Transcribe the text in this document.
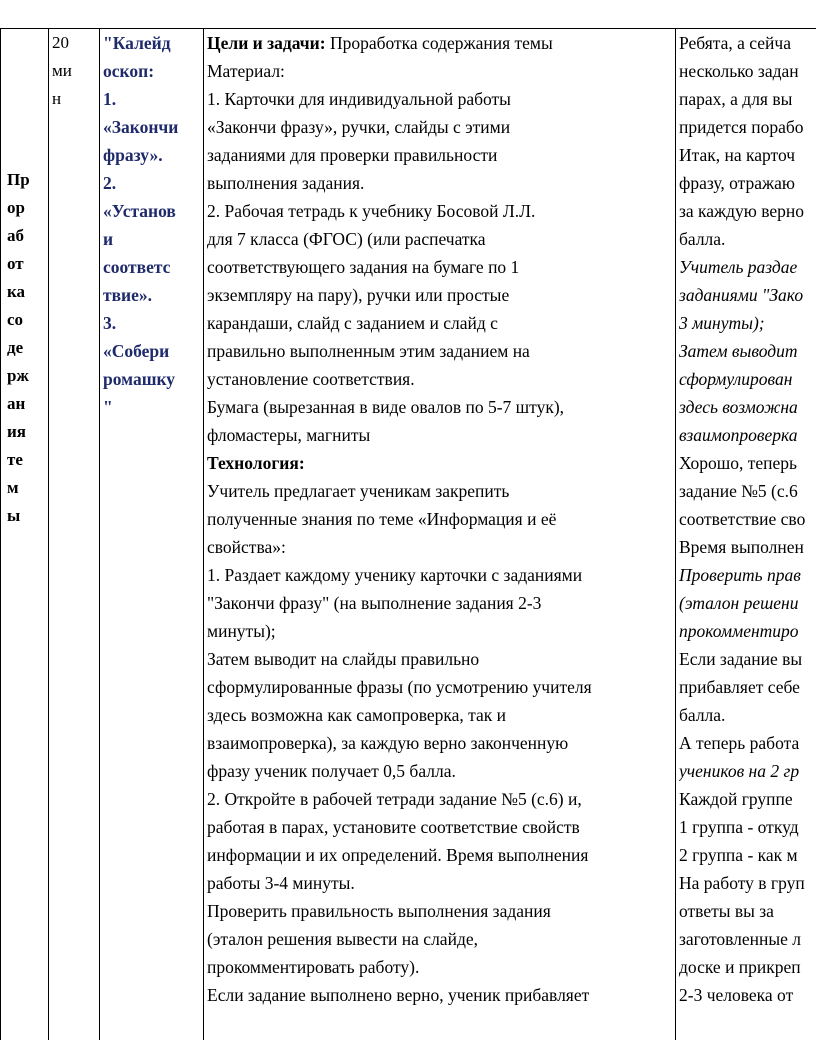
Пр
ор
аб
от
ка
со
де
рж
ан
ия
те
м
ы
20
ми
н
"Калейд
оскоп:
1.
«Закончи
фразу».
2.
«Установ
и
соответс
твие».
3.
«Собери
ромашку
"
Цели и задачи: Проработка содержания темы
Материал:
1. Карточки для индивидуальной работы
«Закончи фразу», ручки, слайды с этими
заданиями для проверки правильности
выполнения задания.
2. Рабочая тетрадь к учебнику Босовой Л.Л.
для 7 класса (ФГОС) (или распечатка
соответствующего задания на бумаге по 1
экземпляру на пару), ручки или простые
карандаши, слайд с заданием и слайд с
правильно выполненным этим заданием на
установление соответствия.
Бумага (вырезанная в виде овалов по 5-7 штук),
фломастеры, магниты
Технология:
Учитель предлагает ученикам закрепить
полученные знания по теме «Информация и её
свойства»:
1. Раздает каждому ученику карточки с заданиями
"Закончи фразу" (на выполнение задания 2-3
минуты);
Затем выводит на слайды правильно
сформулированные фразы (по усмотрению учителя
здесь возможна как самопроверка, так и
взаимопроверка), за каждую верно законченную
фразу ученик получает 0,5 балла.
2. Откройте в рабочей тетради задание №5 (с.6) и,
работая в парах, установите соответствие свойств
информации и их определений. Время выполнения
работы 3-4 минуты.
Проверить правильность выполнения задания
(эталон решения вывести на слайде,
прокомментировать работу).
Если задание выполнено верно, ученик прибавляет
Ребята, а сейча
несколько задан
парах, а для вы
придется порабо
Итак, на карточ
фразу, отражаю
за каждую верно
балла.
Учитель раздае
заданиями "Зако
3 минуты);
Затем выводит
сформулирован
здесь возможна
взаимопроверка
Хорошо, теперь
задание №5 (с.6
соответствие сво
Время выполнен
Проверить прав
(эталон решени
прокомментиро
Если задание вы
прибавляет себе
балла.
А теперь работа
учеников на 2 гр
Каждой группе
1 группа - откуд
2 группа - как м
На работу в груп
ответы вы за
заготовленные л
доске и прикреп
2-3 человека от
